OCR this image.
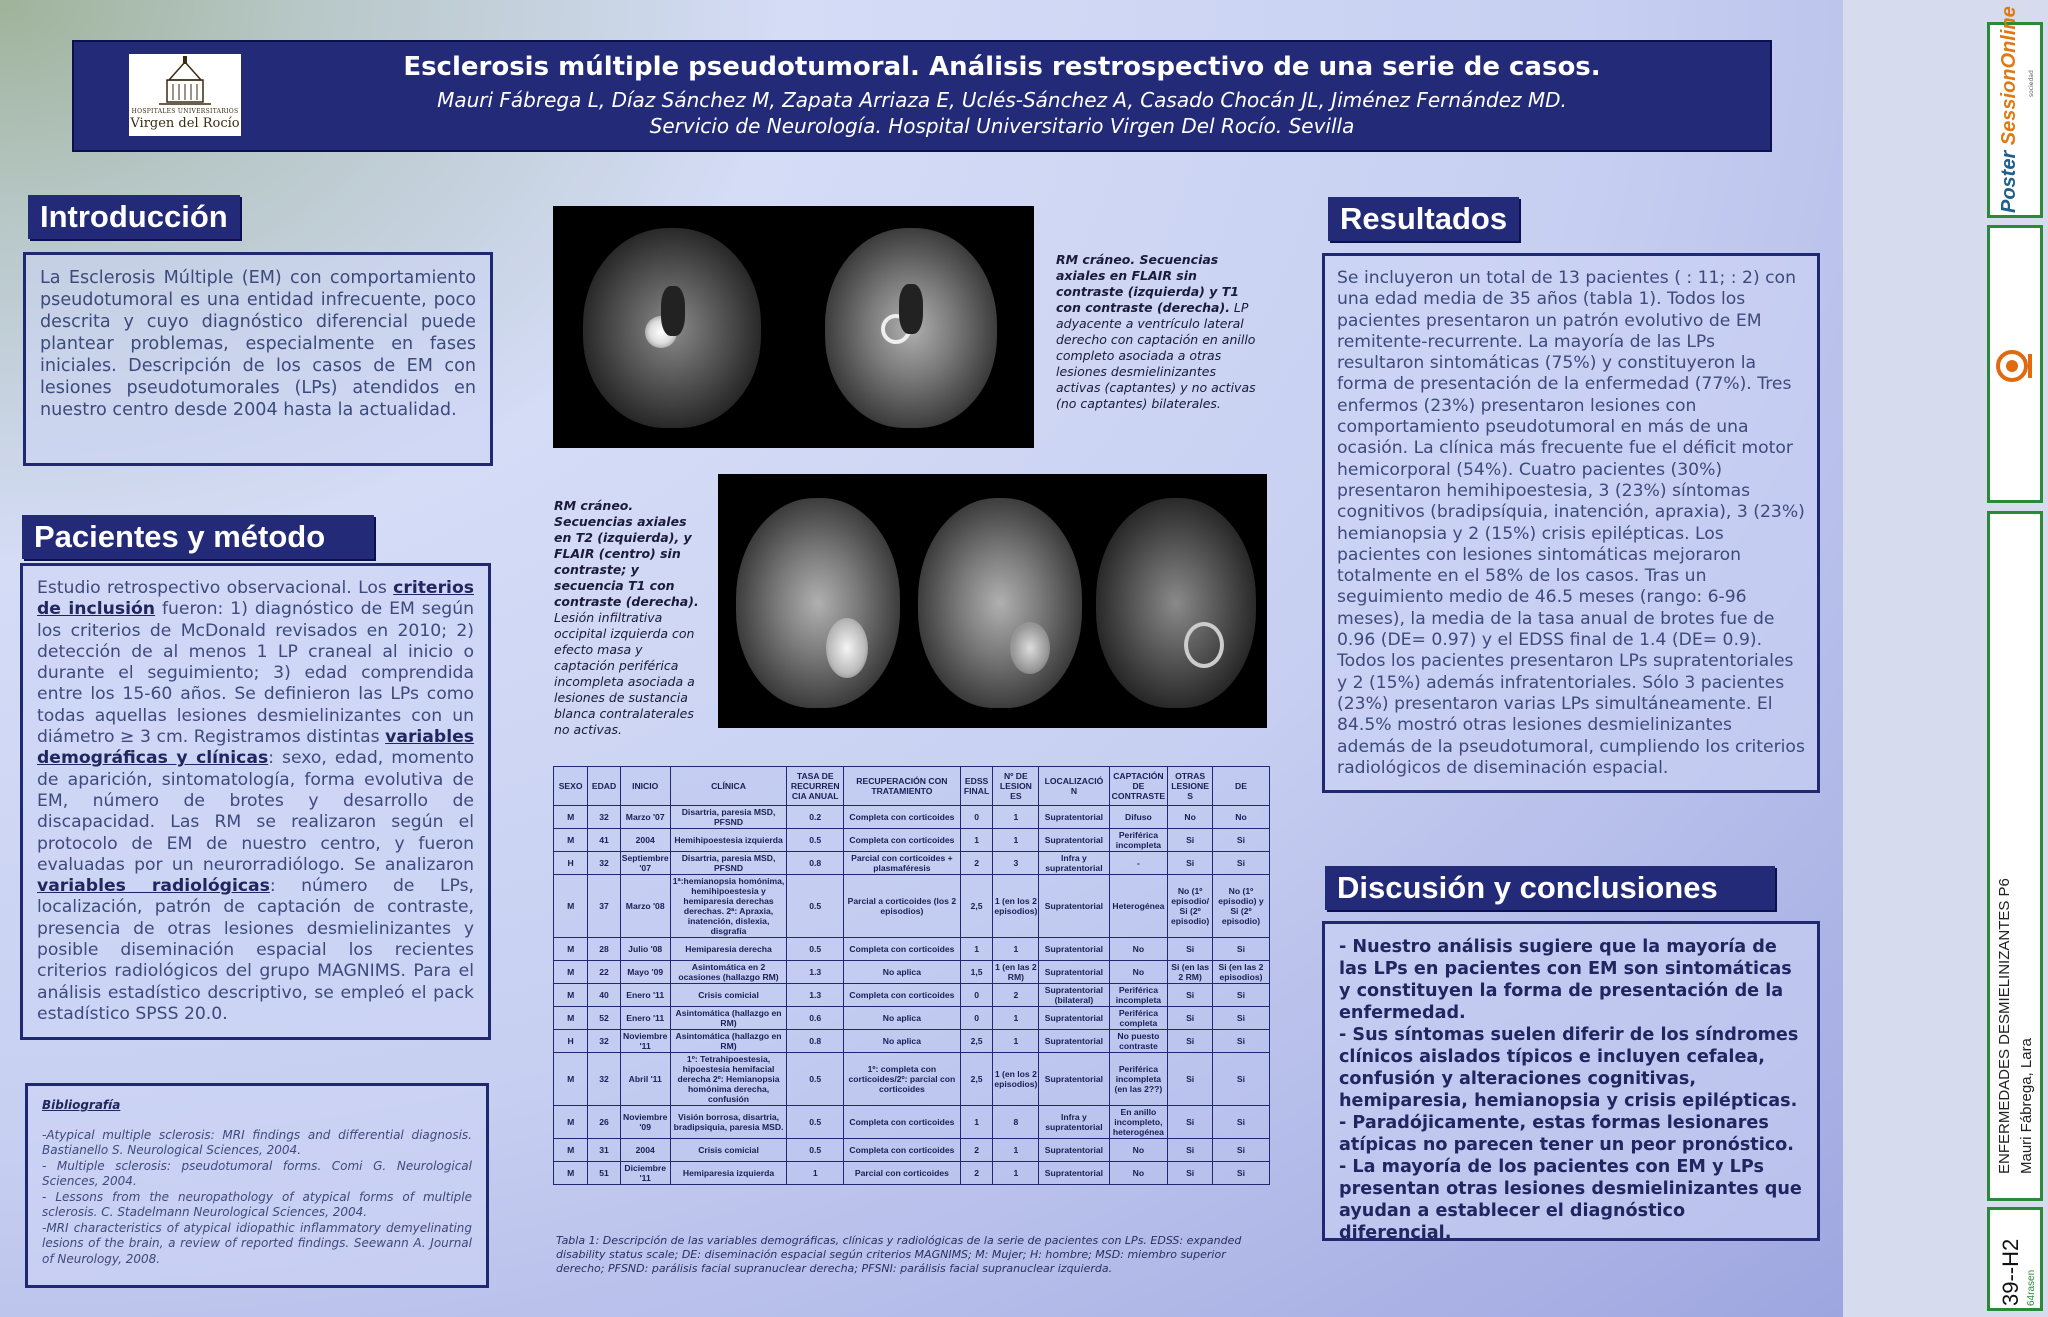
HOSPITALES UNIVERSITARIOS
Virgen del Rocío
Esclerosis múltiple pseudotumoral. Análisis restrospectivo de una serie de casos.
Mauri Fábrega L, Díaz Sánchez M, Zapata Arriaza E, Uclés-Sánchez A, Casado Chocán JL, Jiménez Fernández MD.
Servicio de Neurología. Hospital Universitario Virgen Del Rocío. Sevilla
Introducción
La Esclerosis Múltiple (EM) con comportamiento pseudotumoral es una entidad infrecuente, poco descrita y cuyo diagnóstico diferencial puede plantear problemas, especialmente en fases iniciales. Descripción de los casos de EM con lesiones pseudotumorales (LPs) atendidos en nuestro centro desde 2004 hasta la actualidad.
Pacientes y método
Estudio retrospectivo observacional. Los criterios de inclusión fueron: 1) diagnóstico de EM según los criterios de McDonald revisados en 2010; 2) detección de al menos 1 LP craneal al inicio o durante el seguimiento; 3) edad comprendida entre los 15-60 años. Se definieron las LPs como todas aquellas lesiones desmielinizantes con un diámetro ≥ 3 cm. Registramos distintas variables demográficas y clínicas: sexo, edad, momento de aparición, sintomatología, forma evolutiva de EM, número de brotes y desarrollo de discapacidad. Las RM se realizaron según el protocolo de EM de nuestro centro, y fueron evaluadas por un neurorradiólogo. Se analizaron variables radiológicas: número de LPs, localización, patrón de captación de contraste, presencia de otras lesiones desmielinizantes y posible diseminación espacial los recientes criterios radiológicos del grupo MAGNIMS. Para el análisis estadístico descriptivo, se empleó el pack estadístico SPSS 20.0.
Bibliografía
-Atypical multiple sclerosis: MRI findings and differential diagnosis. Bastianello S. Neurological Sciences, 2004.
- Multiple sclerosis: pseudotumoral forms. Comi G. Neurological Sciences, 2004.
- Lessons from the neuropathology of atypical forms of multiple sclerosis. C. Stadelmann Neurological Sciences, 2004.
-MRI characteristics of atypical idiopathic inflammatory demyelinating lesions of the brain, a review of reported findings. Seewann A. Journal of Neurology, 2008.
RM cráneo. Secuencias axiales en FLAIR sin contraste (izquierda) y T1 con contraste (derecha). LP adyacente a ventrículo lateral derecho con captación en anillo completo asociada a otras lesiones desmielinizantes activas (captantes) y no activas (no captantes) bilaterales.
RM cráneo. Secuencias axiales en T2 (izquierda), y FLAIR (centro) sin contraste; y secuencia T1 con contraste (derecha). Lesión infiltrativa occipital izquierda con efecto masa y captación periférica incompleta asociada a lesiones de sustancia blanca contralaterales no activas.
SEXO	EDAD	INICIO	CLÍNICA	TASA DE RECURREN CIA ANUAL	RECUPERACIÓN CON TRATAMIENTO	EDSS FINAL	Nº DE LESION ES	LOCALIZACIÓ N	CAPTACIÓN DE CONTRASTE	OTRAS LESIONE S	DE
M	32	Marzo '07	Disartria, paresia MSD, PFSND	0.2	Completa con corticoides	0	1	Supratentorial	Difuso	No	No
M	41	2004	Hemihipoestesia izquierda	0.5	Completa con corticoides	1	1	Supratentorial	Periférica incompleta	Si	Si
H	32	Septiembre '07	Disartria, paresia MSD, PFSND	0.8	Parcial con corticoides + plasmaféresis	2	3	Infra y supratentorial	-	Si	Si
M	37	Marzo '08	1ª:hemianopsia homónima, hemihipoestesia y hemiparesia derechas derechas. 2ª: Apraxia, inatención, dislexia, disgrafía	0.5	Parcial a corticoides (los 2 episodios)	2,5	1 (en los 2 episodios)	Supratentorial	Heterogénea	No (1º episodio/ Si (2º episodio)	No (1º episodio) y Si (2º episodio)
M	28	Julio '08	Hemiparesia derecha	0.5	Completa con corticoides	1	1	Supratentorial	No	Si	Si
M	22	Mayo '09	Asintomática en 2 ocasiones (hallazgo RM)	1.3	No aplica	1,5	1 (en las 2 RM)	Supratentorial	No	Si (en las 2 RM)	Si (en las 2 episodios)
M	40	Enero '11	Crisis comicial	1.3	Completa con corticoides	0	2	Supratentorial (bilateral)	Periférica incompleta	Si	Si
M	52	Enero '11	Asintomática (hallazgo en RM)	0.6	No aplica	0	1	Supratentorial	Periférica completa	Si	Si
H	32	Noviembre '11	Asintomática (hallazgo en RM)	0.8	No aplica	2,5	1	Supratentorial	No puesto contraste	Si	Si
M	32	Abril '11	1º: Tetrahipoestesia, hipoestesia hemifacial derecha 2º: Hemianopsia homónima derecha, confusión	0.5	1º: completa con corticoides/2º: parcial con corticoides	2,5	1 (en los 2 episodios)	Supratentorial	Periférica incompleta (en las 2??)	Si	Si
M	26	Noviembre '09	Visión borrosa, disartria, bradipsiquia, paresia MSD.	0.5	Completa con corticoides	1	8	Infra y supratentorial	En anillo incompleto, heterogénea	Si	Si
M	31	2004	Crisis comicial	0.5	Completa con corticoides	2	1	Supratentorial	No	Si	Si
M	51	Diciembre '11	Hemiparesia izquierda	1	Parcial con corticoides	2	1	Supratentorial	No	Si	Si
Tabla 1: Descripción de las variables demográficas, clínicas y radiológicas de la serie de pacientes con LPs. EDSS: expanded disability status scale; DE: diseminación espacial según criterios MAGNIMS; M: Mujer; H: hombre; MSD: miembro superior derecho; PFSND: parálisis facial supranuclear derecha; PFSNI: parálisis facial supranuclear izquierda.
Resultados
Se incluyeron un total de 13 pacientes ( : 11; : 2) con una edad media de 35 años (tabla 1). Todos los pacientes presentaron un patrón evolutivo de EM remitente-recurrente. La mayoría de las LPs resultaron sintomáticas (75%) y constituyeron la forma de presentación de la enfermedad (77%). Tres enfermos (23%) presentaron lesiones con comportamiento pseudotumoral en más de una ocasión. La clínica más frecuente fue el déficit motor hemicorporal (54%). Cuatro pacientes (30%) presentaron hemihipoestesia, 3 (23%) síntomas cognitivos (bradipsíquia, inatención, apraxia), 3 (23%) hemianopsia y 2 (15%) crisis epilépticas. Los pacientes con lesiones sintomáticas mejoraron totalmente en el 58% de los casos. Tras un seguimiento medio de 46.5 meses (rango: 6-96 meses), la media de la tasa anual de brotes fue de 0.96 (DE= 0.97) y el EDSS final de 1.4 (DE= 0.9). Todos los pacientes presentaron LPs supratentoriales y 2 (15%) además infratentoriales. Sólo 3 pacientes (23%) presentaron varias LPs simultáneamente. El 84.5% mostró otras lesiones desmielinizantes además de la pseudotumoral, cumpliendo los criterios radiológicos de diseminación espacial.
Discusión y conclusiones
- Nuestro análisis sugiere que la mayoría de las LPs en pacientes con EM son sintomáticas y constituyen la forma de presentación de la enfermedad.
- Sus síntomas suelen diferir de los síndromes clínicos aislados típicos e incluyen cefalea, confusión y alteraciones cognitivas, hemiparesia, hemianopsia y crisis epilépticas.
- Paradójicamente, estas formas lesionares atípicas no parecen tener un peor pronóstico.
- La mayoría de los pacientes con EM y LPs presentan otras lesiones desmielinizantes que ayudan a establecer el diagnóstico diferencial.
Poster SessionOnline sociedad
ENFERMEDADES DESMIELINIZANTES P6 Mauri Fábrega, Lara
39--H2 64rasen
